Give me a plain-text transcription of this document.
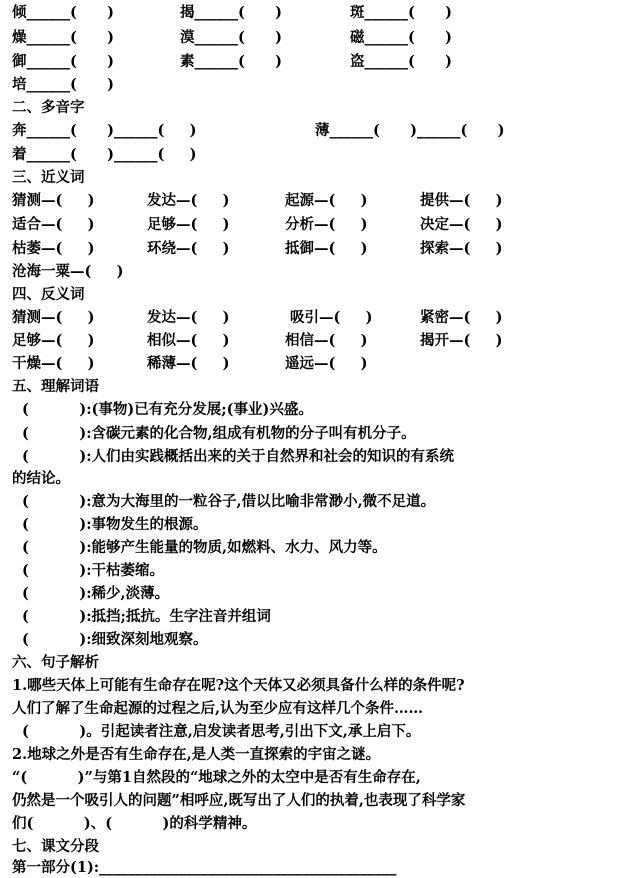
倾______(      )	揭______(      )	斑______(      )
燥______(      )	漠______(      )	磁______(      )
御______(      )	素______(      )	盗______(      )
培______(      )
二、多音字
奔______(      )______(     )	薄______(      )______(      )
着______(      )______(     )
三、近义词
猜测—(     )	发达—(     )	起源—(     )	提供—(     )
适合—(     )	足够—(     )	分析—(     )	决定—(     )
枯萎—(     )	环绕—(     )	抵御—(     )	探索—(     )
沧海一粟—(     )
四、反义词
猜测—(     )	发达—(     )	吸引—(     )	紧密—(     )
足够—(     )	相似—(     )	相信—(     )	揭开—(     )
干燥—(     )	稀薄—(     )	遥远—(     )
五、理解词语
(          ):(事物)已有充分发展;(事业)兴盛。
(          ):含碳元素的化合物,组成有机物的分子叫有机分子。
(          ):人们由实践概括出来的关于自然界和社会的知识的有系统
的结论。
(          ):意为大海里的一粒谷子,借以比喻非常渺小,微不足道。
(          ):事物发生的根源。
(          ):能够产生能量的物质,如燃料、水力、风力等。
(          ):干枯萎缩。
(          ):稀少,淡薄。
(          ):抵挡;抵抗。生字注音并组词
(          ):细致深刻地观察。
六、句子解析
1.哪些天体上可能有生命存在呢?这个天体又必须具备什么样的条件呢?
人们了解了生命起源的过程之后,认为至少应有这样几个条件……
(          )。引起读者注意,启发读者思考,引出下文,承上启下。
2.地球之外是否有生命存在,是人类一直探索的宇宙之谜。
“(          )”与第1自然段的“地球之外的太空中是否有生命存在,
仍然是一个吸引人的问题”相呼应,既写出了人们的执着,也表现了科学家
们(          )、(          )的科学精神。
七、课文分段
第一部分(1):_________________________________________
